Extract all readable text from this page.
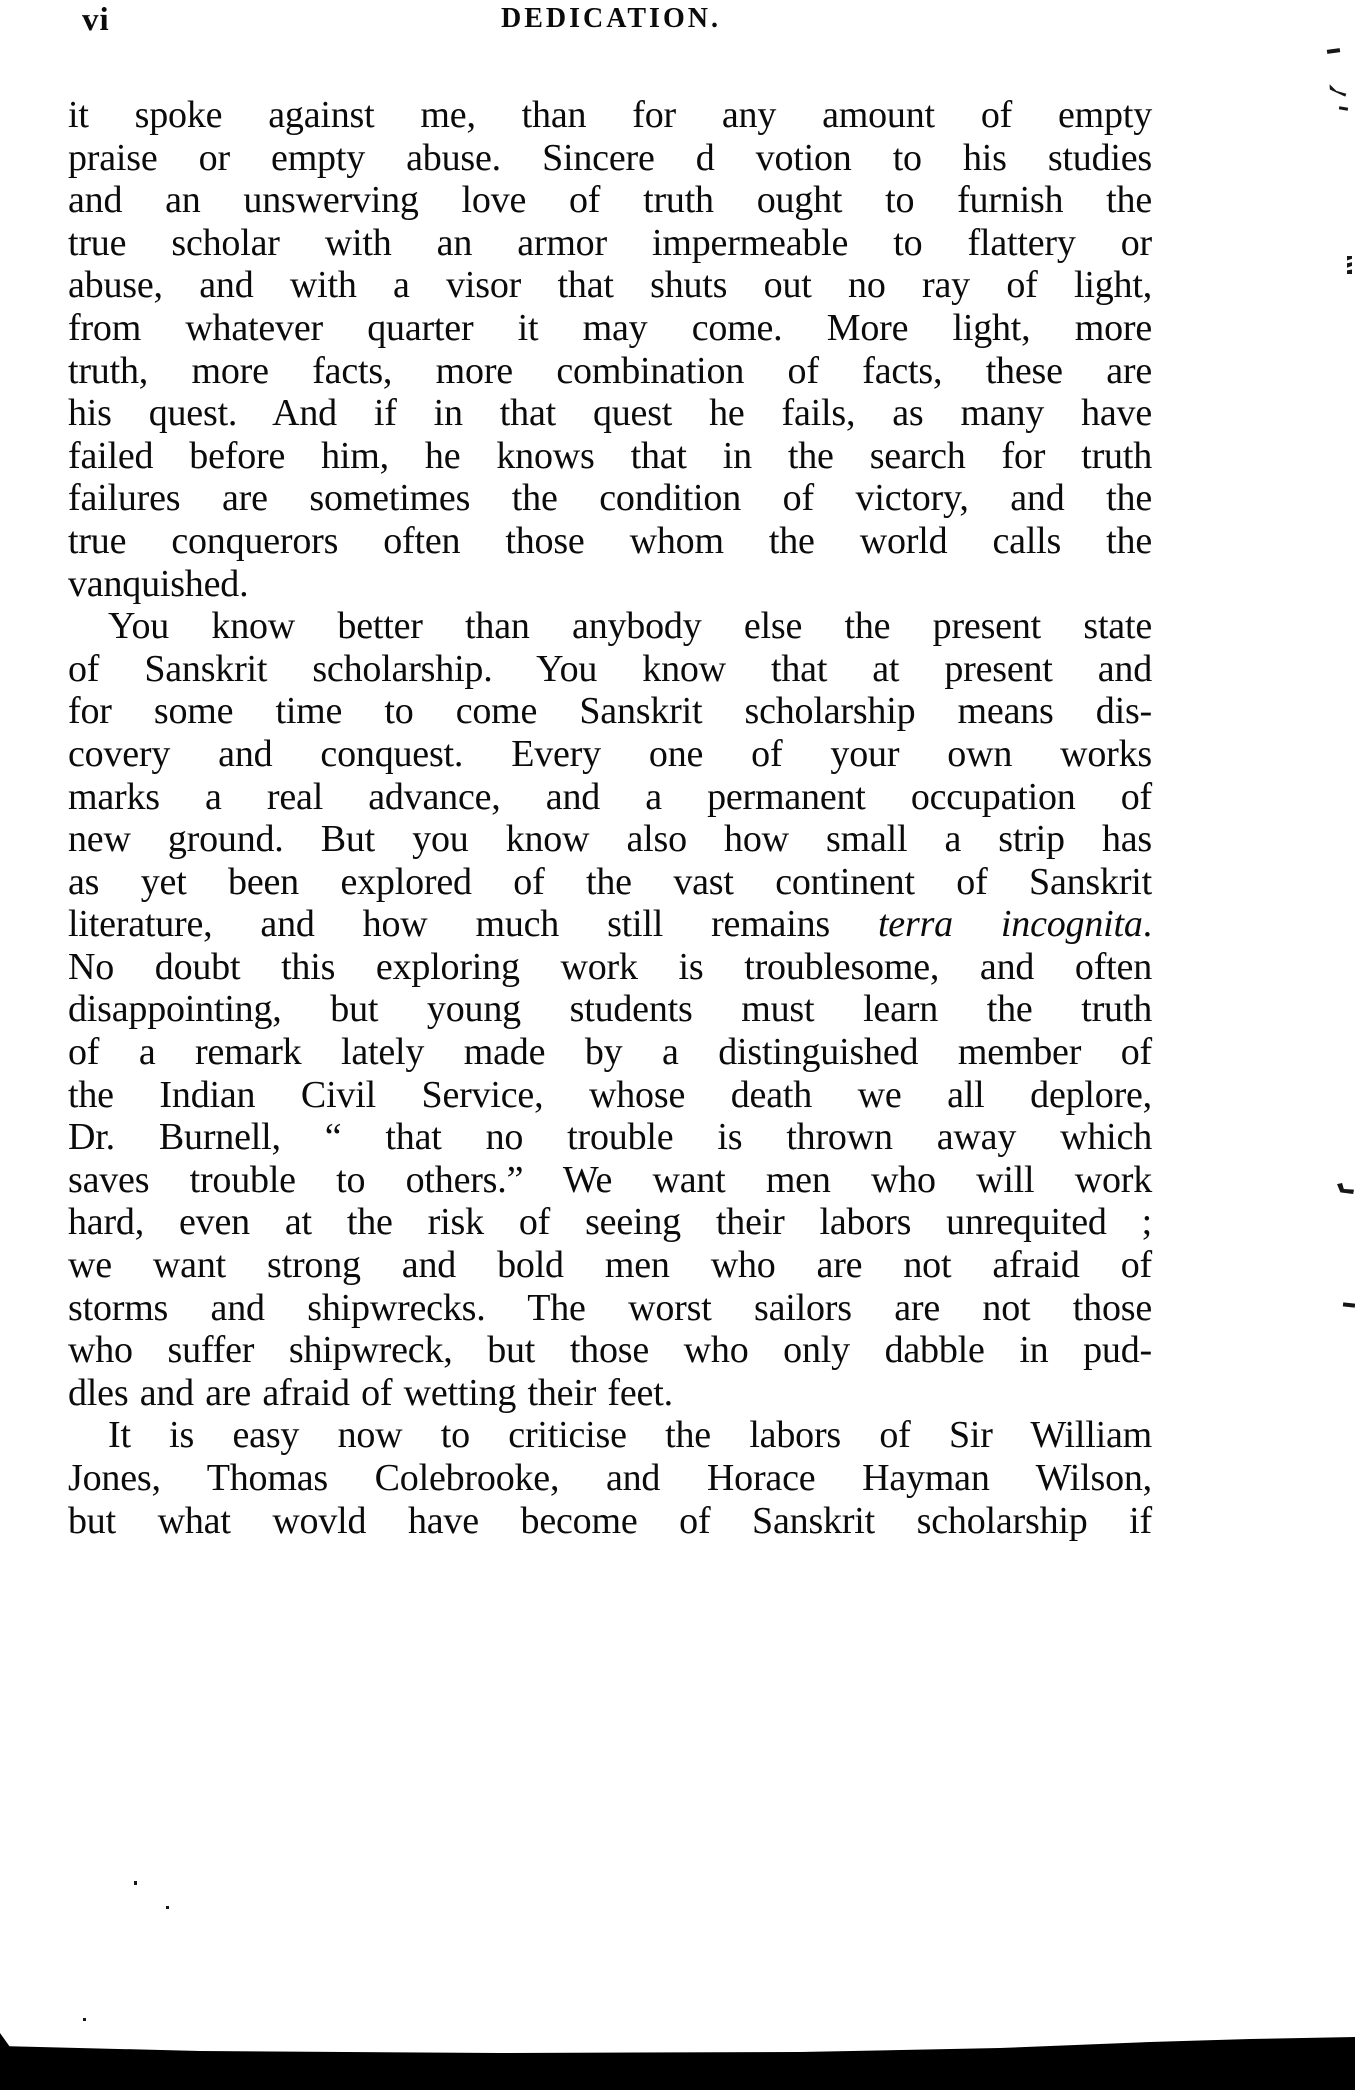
vi	DEDICATION.
it spoke against me, than for any amount of empty
praise or empty abuse. Sincere d votion to his studies
and an unswerving love of truth ought to furnish the
true scholar with an armor impermeable to flattery or
abuse, and with a visor that shuts out no ray of light,
from whatever quarter it may come. More light, more
truth, more facts, more combination of facts, these are
his quest. And if in that quest he fails, as many have
failed before him, he knows that in the search for truth
failures are sometimes the condition of victory, and the
true conquerors often those whom the world calls the
vanquished.
You know better than anybody else the present state
of Sanskrit scholarship. You know that at present and
for some time to come Sanskrit scholarship means dis-
covery and conquest. Every one of your own works
marks a real advance, and a permanent occupation of
new ground. But you know also how small a strip has
as yet been explored of the vast continent of Sanskrit
literature, and how much still remains terra incognita.
No doubt this exploring work is troublesome, and often
disappointing, but young students must learn the truth
of a remark lately made by a distinguished member of
the Indian Civil Service, whose death we all deplore,
Dr. Burnell, “ that no trouble is thrown away which
saves trouble to others.” We want men who will work
hard, even at the risk of seeing their labors unrequited ;
we want strong and bold men who are not afraid of
storms and shipwrecks. The worst sailors are not those
who suffer shipwreck, but those who only dabble in pud-
dles and are afraid of wetting their feet.
It is easy now to criticise the labors of Sir William
Jones, Thomas Colebrooke, and Horace Hayman Wilson,
but what wovld have become of Sanskrit scholarship if
